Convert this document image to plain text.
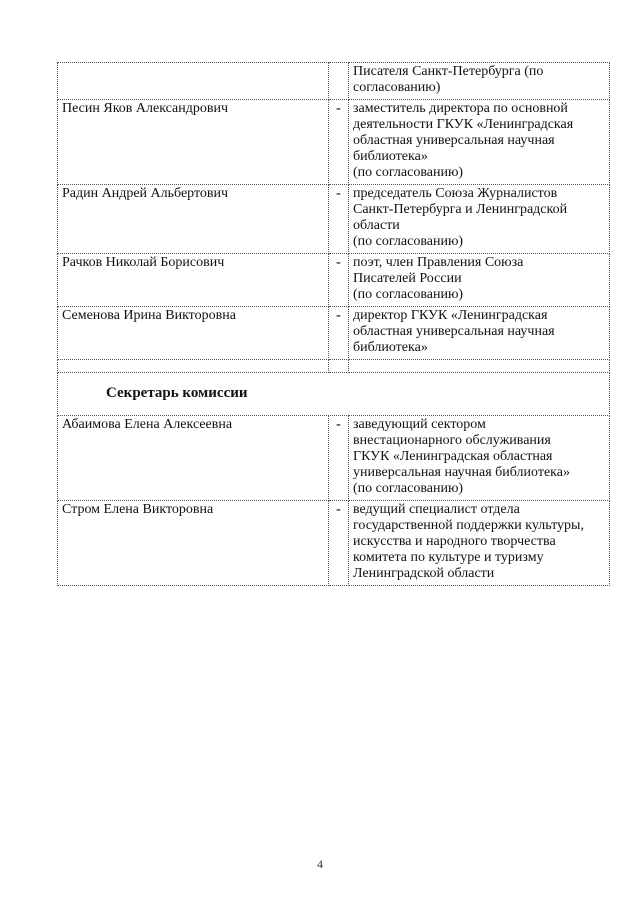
		Писателя Санкт-Петербурга (по
согласованию)

Песин Яков Александрович	-	заместитель директора по основной
деятельности ГКУК «Ленинградская
областная универсальная научная
библиотека»
(по согласованию)

Радин Андрей Альбертович	-	председатель Союза Журналистов
Санкт-Петербурга и Ленинградской
области
(по согласованию)

Рачков Николай Борисович	-	поэт, член Правления Союза
Писателей России
(по согласованию)

Семенова Ирина Викторовна	-	директор ГКУК «Ленинградская
областная универсальная научная
библиотека»

Секретарь комиссии		
Абаимова Елена Алексеевна	-	заведующий сектором
внестационарного обслуживания
ГКУК «Ленинградская областная
универсальная научная библиотека»
(по согласованию)

Стром Елена Викторовна	-	ведущий специалист отдела
государственной поддержки культуры,
искусства и народного творчества
комитета по культуре и туризму
Ленинградской области
4
